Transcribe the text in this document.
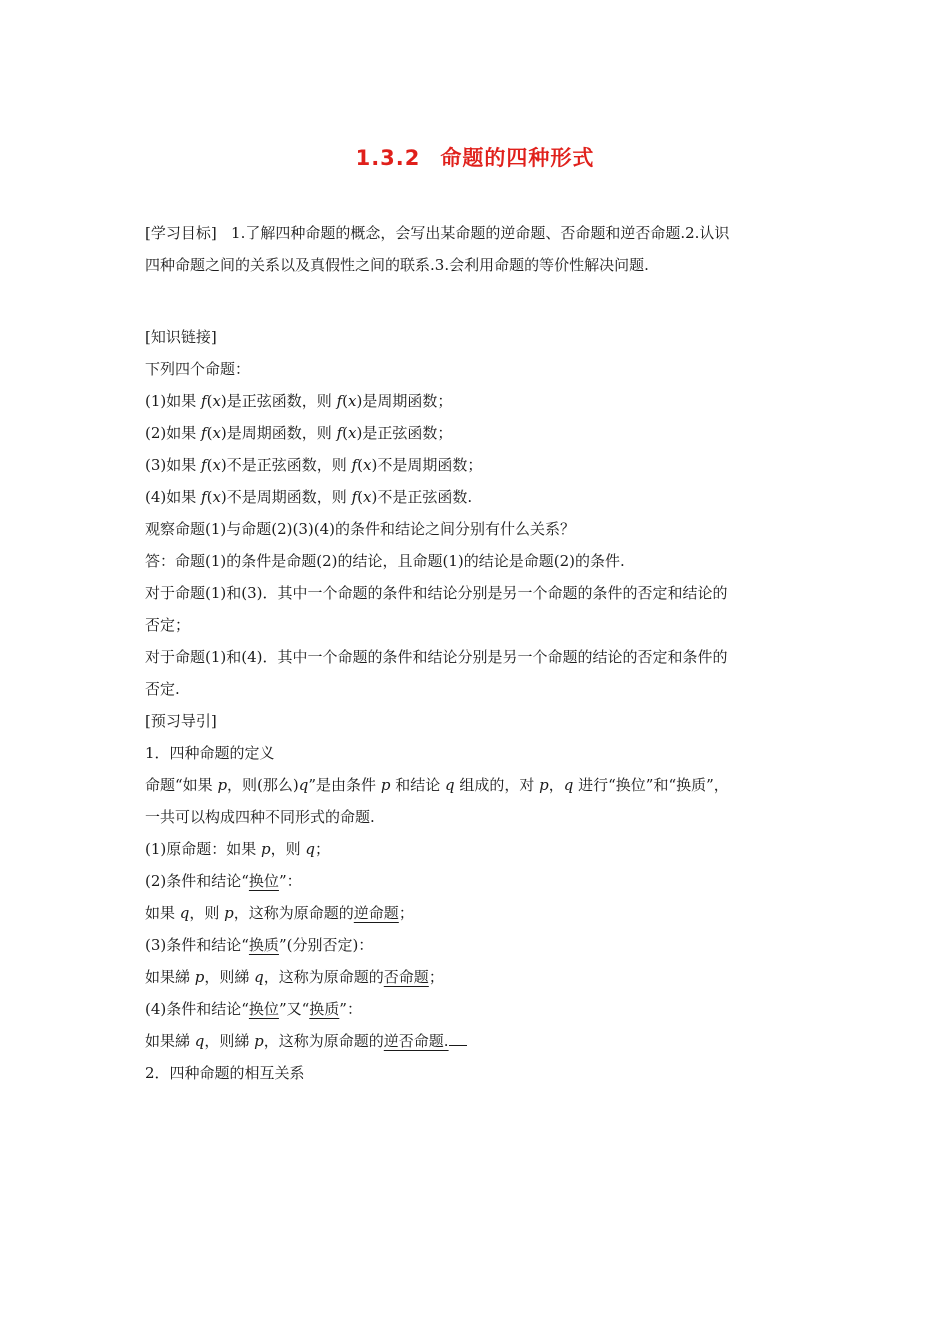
1.3.2 命题的四种形式
[学习目标] 1.了解四种命题的概念，会写出某命题的逆命题、否命题和逆否命题.2.认识
四种命题之间的关系以及真假性之间的联系.3.会利用命题的等价性解决问题.
[知识链接]
下列四个命题：
(1)如果 f(x)是正弦函数，则 f(x)是周期函数；
(2)如果 f(x)是周期函数，则 f(x)是正弦函数；
(3)如果 f(x)不是正弦函数，则 f(x)不是周期函数；
(4)如果 f(x)不是周期函数，则 f(x)不是正弦函数.
观察命题(1)与命题(2)(3)(4)的条件和结论之间分别有什么关系？
答：命题(1)的条件是命题(2)的结论，且命题(1)的结论是命题(2)的条件.
对于命题(1)和(3)．其中一个命题的条件和结论分别是另一个命题的条件的否定和结论的
否定；
对于命题(1)和(4)．其中一个命题的条件和结论分别是另一个命题的结论的否定和条件的
否定.
[预习导引]
1．四种命题的定义
命题“如果 p，则(那么)q”是由条件 p 和结论 q 组成的，对 p，q 进行“换位”和“换质”，
一共可以构成四种不同形式的命题.
(1)原命题：如果 p，则 q；
(2)条件和结论“换位”：
如果 q，则 p，这称为原命题的逆命题；
(3)条件和结论“换质”(分别否定)：
如果綈 p，则綈 q，这称为原命题的否命题；
(4)条件和结论“换位”又“换质”：
如果綈 q，则綈 p，这称为原命题的逆否命题.
2．四种命题的相互关系
